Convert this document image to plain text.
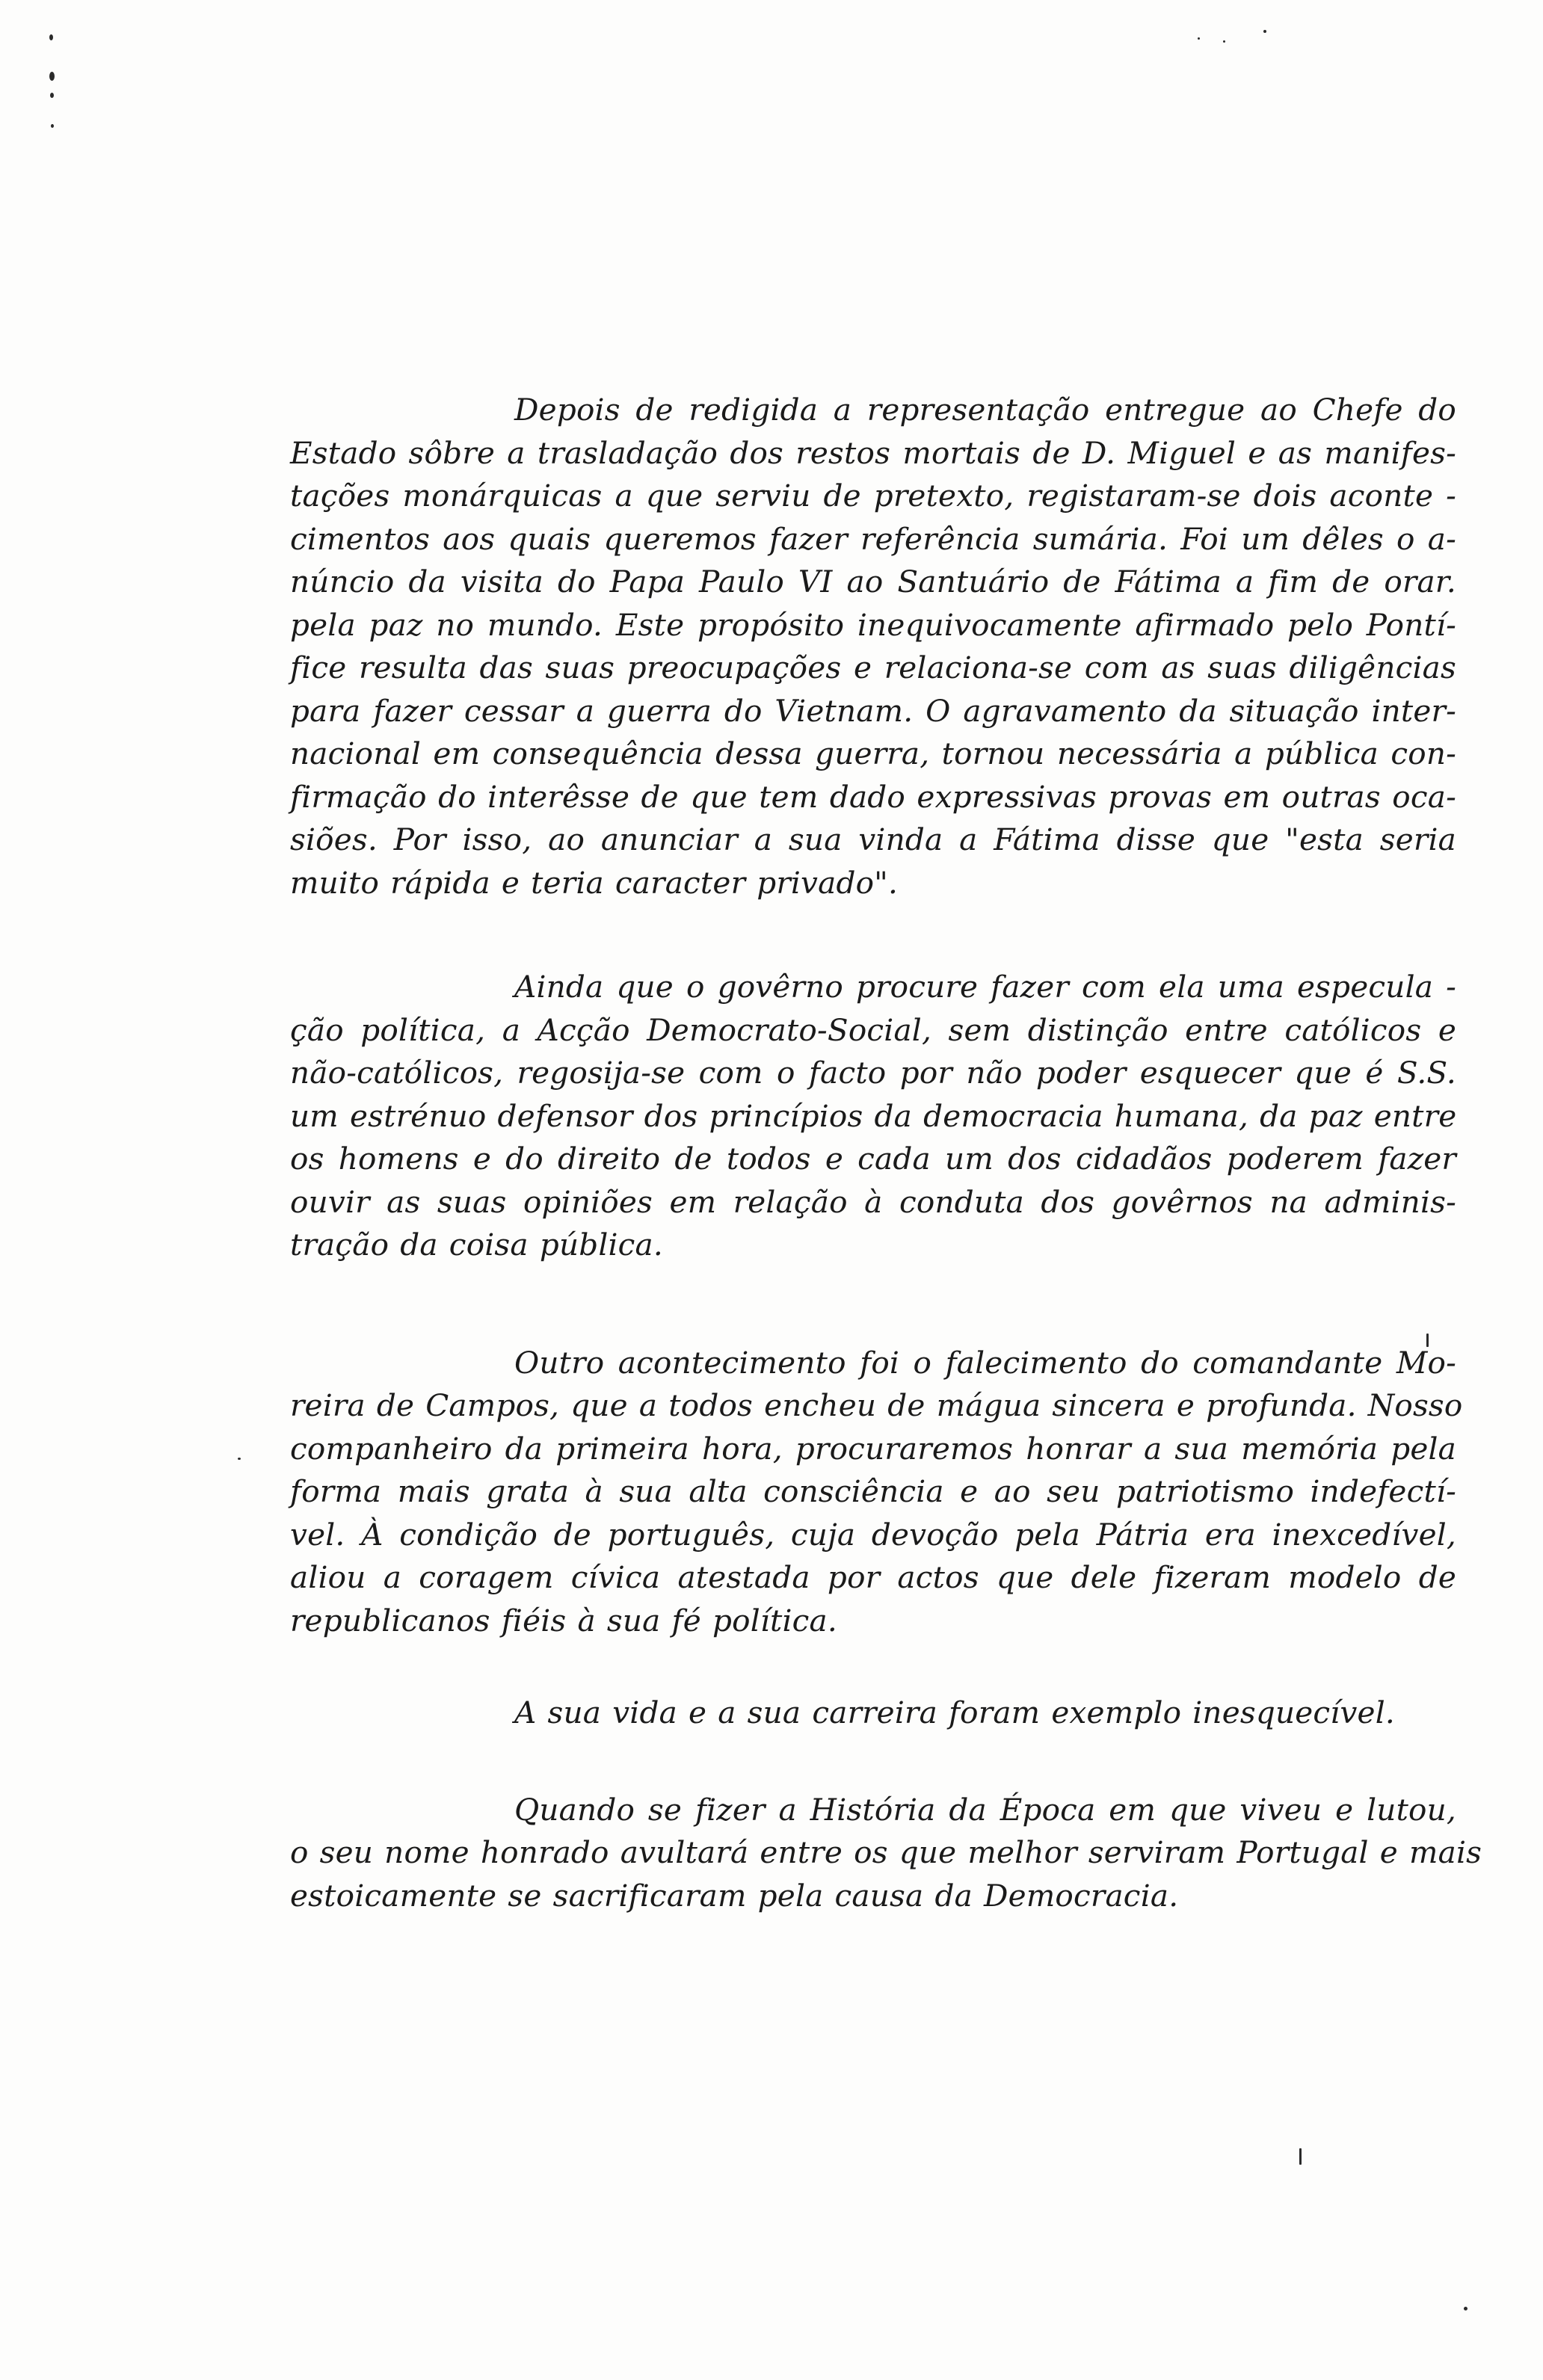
Depois de redigida a representação entregue ao Chefe do
Estado sôbre a trasladação dos restos mortais de D. Miguel e as manifes-
tações monárquicas a que serviu de pretexto, registaram-se dois aconte -
cimentos aos quais queremos fazer referência sumária. Foi um dêles o a-
núncio da visita do Papa Paulo VI ao Santuário de Fátima a fim de orar.
pela paz no mundo. Este propósito inequivocamente afirmado pelo Pontí-
fice resulta das suas preocupações e relaciona-se com as suas diligências
para fazer cessar a guerra do Vietnam. O agravamento da situação inter-
nacional em consequência dessa guerra, tornou necessária a pública con-
firmação do interêsse de que tem dado expressivas provas em outras oca-
siões. Por isso, ao anunciar a sua vinda a Fátima disse que "esta seria
muito rápida e teria caracter privado".

Ainda que o govêrno procure fazer com ela uma especula -
ção política, a Acção Democrato-Social, sem distinção entre católicos e
não-católicos, regosija-se com o facto por não poder esquecer que é S.S.
um estrénuo defensor dos princípios da democracia humana, da paz entre
os homens e do direito de todos e cada um dos cidadãos poderem fazer
ouvir as suas opiniões em relação à conduta dos govêrnos na adminis-
tração da coisa pública.

Outro acontecimento foi o falecimento do comandante Mo-
reira de Campos, que a todos encheu de mágua sincera e profunda. Nosso
companheiro da primeira hora, procuraremos honrar a sua memória pela
forma mais grata à sua alta consciência e ao seu patriotismo indefectí-
vel. À condição de português, cuja devoção pela Pátria era inexcedível,
aliou a coragem cívica atestada por actos que dele fizeram modelo de
republicanos fiéis à sua fé política.

A sua vida e a sua carreira foram exemplo inesquecível.

Quando se fizer a História da Época em que viveu e lutou,
o seu nome honrado avultará entre os que melhor serviram Portugal e mais
estoicamente se sacrificaram pela causa da Democracia.
